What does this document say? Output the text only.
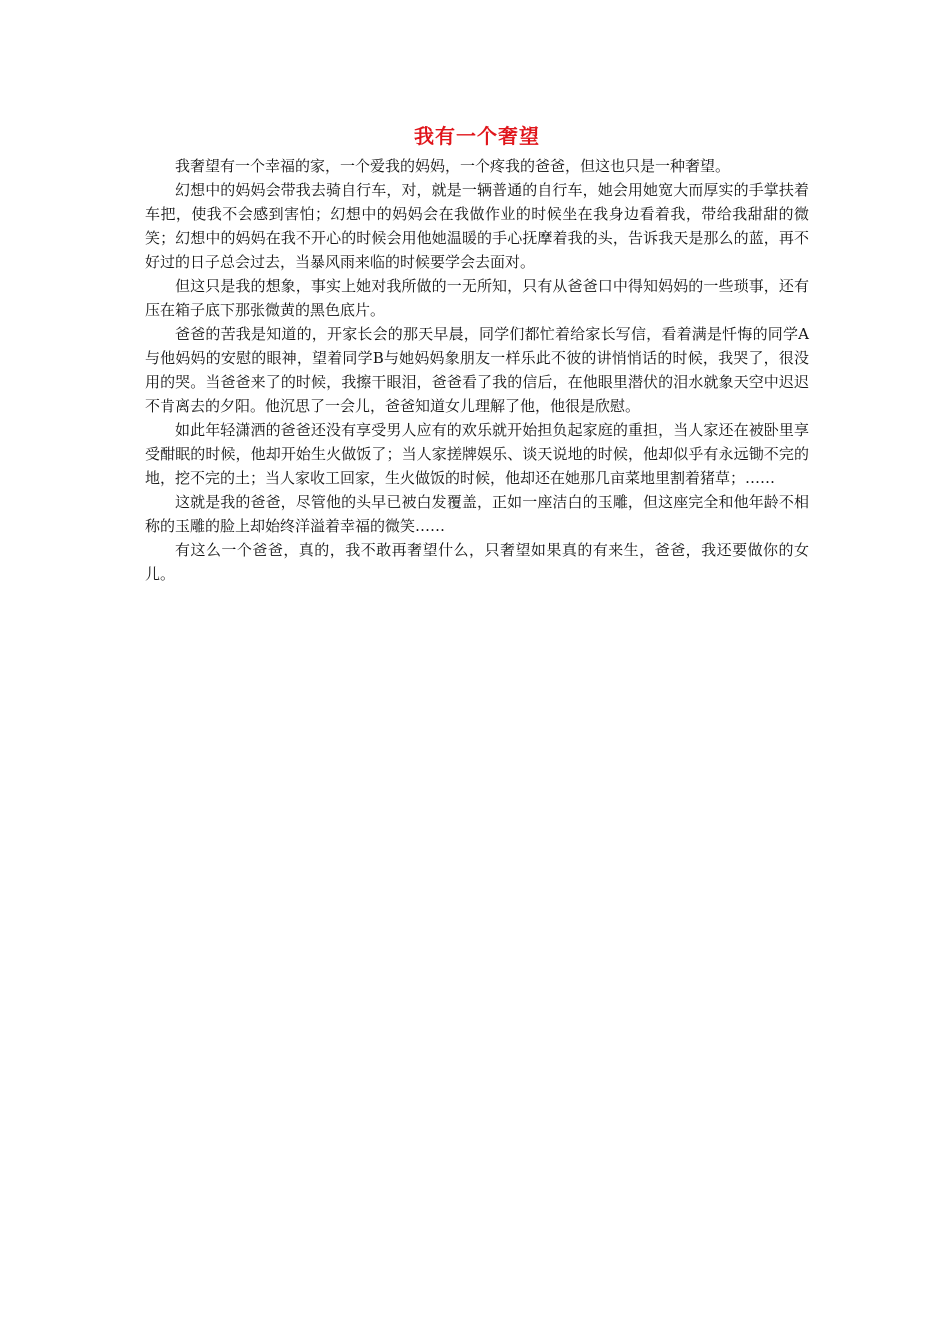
我有一个奢望

我奢望有一个幸福的家，一个爱我的妈妈，一个疼我的爸爸，但这也只是一种奢望。

幻想中的妈妈会带我去骑自行车，对，就是一辆普通的自行车，她会用她宽大而厚实的手掌扶着车把，使我不会感到害怕；幻想中的妈妈会在我做作业的时候坐在我身边看着我，带给我甜甜的微笑；幻想中的妈妈在我不开心的时候会用他她温暖的手心抚摩着我的头，告诉我天是那么的蓝，再不好过的日子总会过去，当暴风雨来临的时候要学会去面对。

但这只是我的想象，事实上她对我所做的一无所知，只有从爸爸口中得知妈妈的一些琐事，还有压在箱子底下那张微黄的黑色底片。

爸爸的苦我是知道的，开家长会的那天早晨，同学们都忙着给家长写信，看着满是忏悔的同学A与他妈妈的安慰的眼神，望着同学B与她妈妈象朋友一样乐此不彼的讲悄悄话的时候，我哭了，很没用的哭。当爸爸来了的时候，我擦干眼泪，爸爸看了我的信后，在他眼里潜伏的泪水就象天空中迟迟不肯离去的夕阳。他沉思了一会儿，爸爸知道女儿理解了他，他很是欣慰。

如此年轻潇洒的爸爸还没有享受男人应有的欢乐就开始担负起家庭的重担，当人家还在被卧里享受酣眠的时候，他却开始生火做饭了；当人家搓牌娱乐、谈天说地的时候，他却似乎有永远锄不完的地，挖不完的土；当人家收工回家，生火做饭的时候，他却还在她那几亩菜地里割着猪草；……

这就是我的爸爸，尽管他的头早已被白发覆盖，正如一座洁白的玉雕，但这座完全和他年龄不相称的玉雕的脸上却始终洋溢着幸福的微笑……

有这么一个爸爸，真的，我不敢再奢望什么，只奢望如果真的有来生，爸爸，我还要做你的女儿。
